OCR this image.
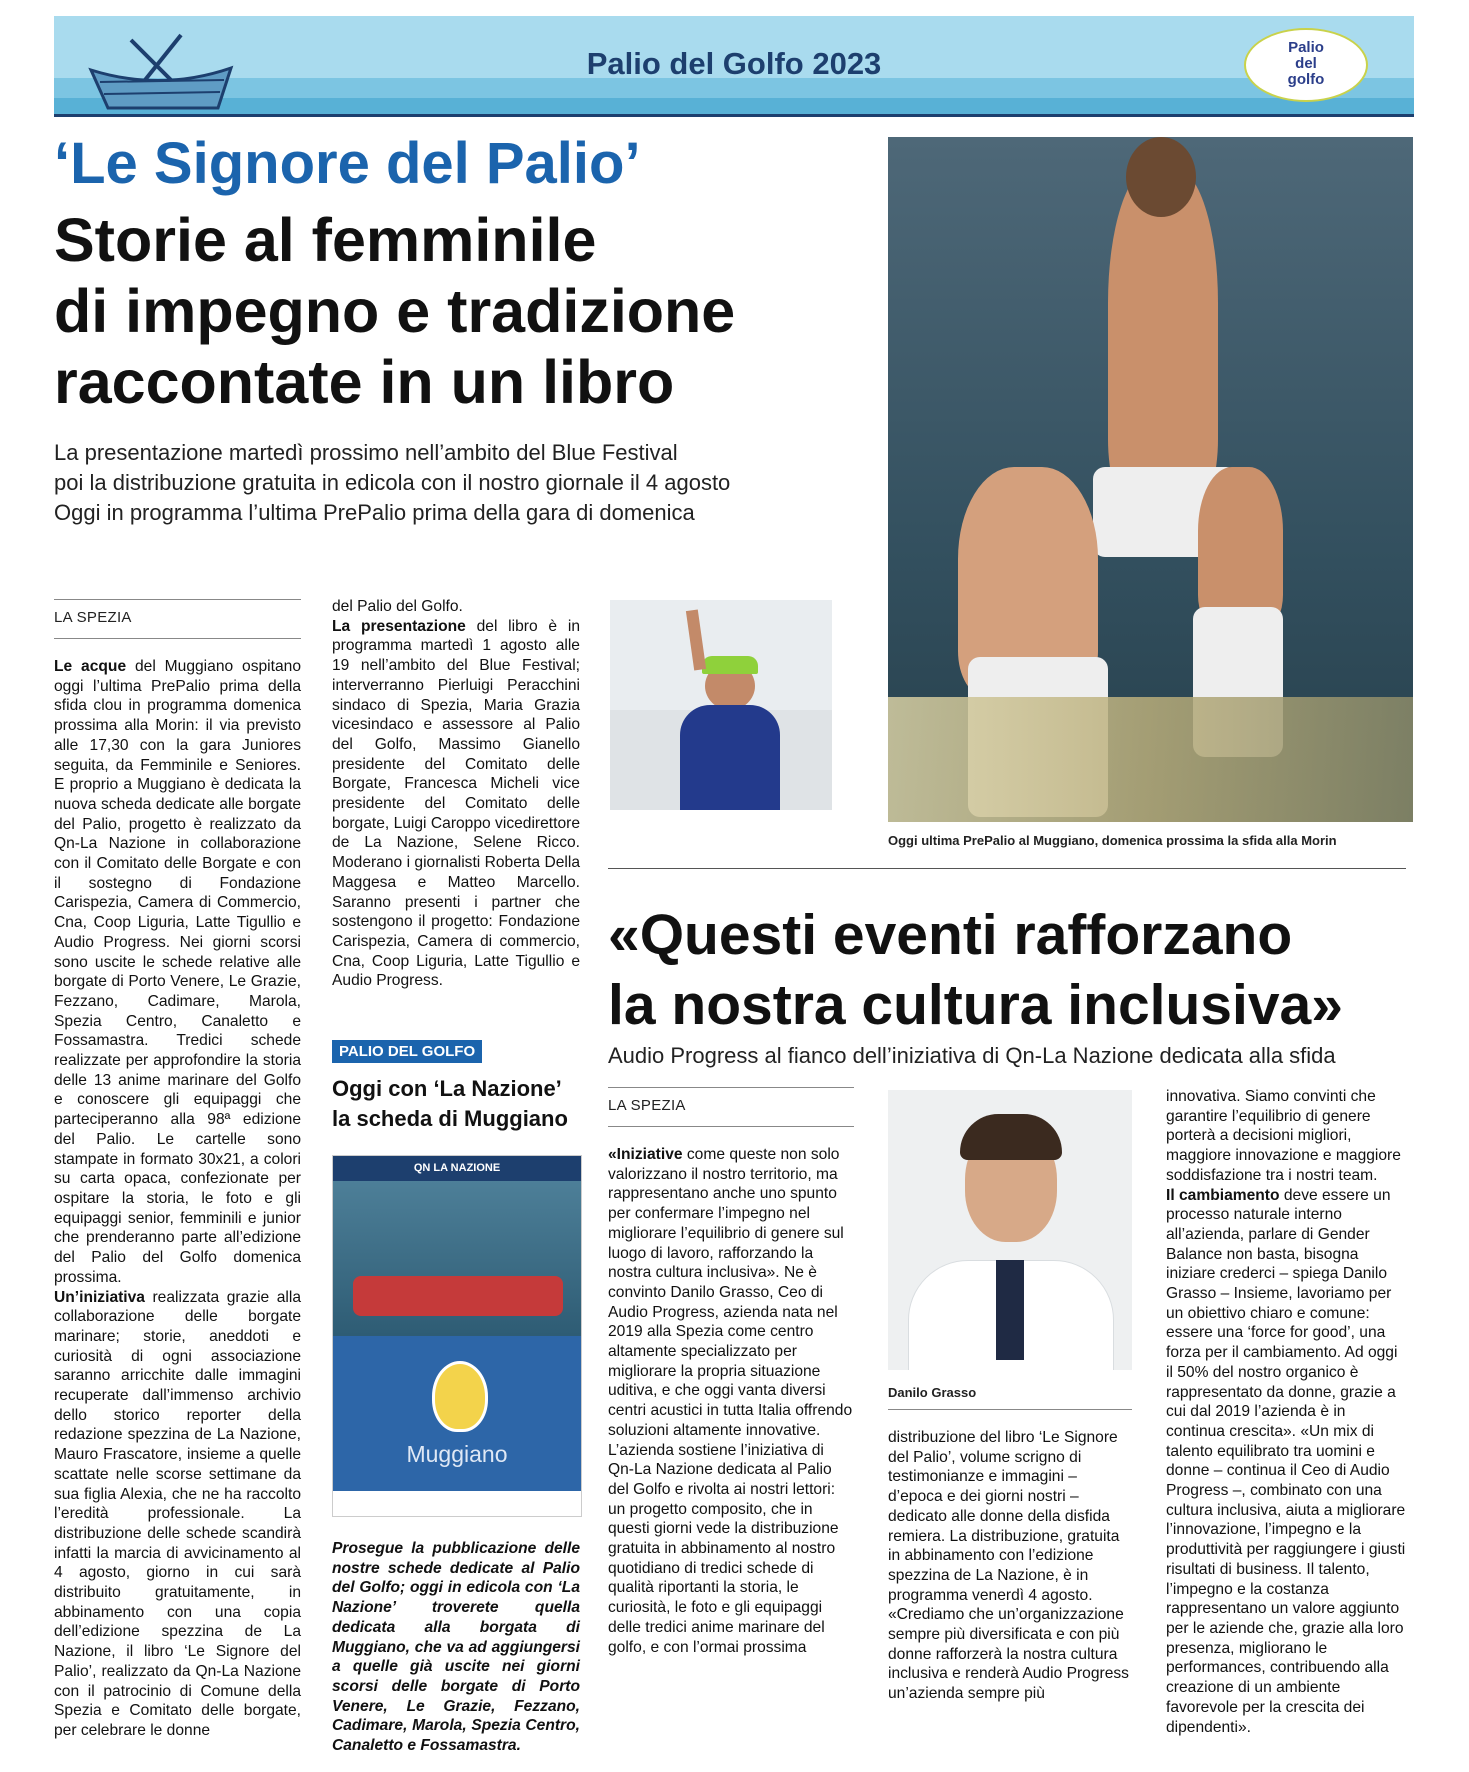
Palio del Golfo 2023	Palio
del
golfo
‘Le Signore del Palio’
Storie al femminile
di impegno e tradizione
raccontate in un libro
La presentazione martedì prossimo nell’ambito del Blue Festival
poi la distribuzione gratuita in edicola con il nostro giornale il 4 agosto
Oggi in programma l’ultima PrePalio prima della gara di domenica
Oggi ultima PrePalio al Muggiano, domenica prossima la sfida alla Morin
LA SPEZIA
Le acque del Muggiano ospitano oggi l’ultima PrePalio prima della sfida clou in programma domenica prossima alla Morin: il via previsto alle 17,30 con la gara Juniores seguita, da Femminile e Seniores. E proprio a Muggiano è dedicata la nuova scheda dedicate alle borgate del Palio, progetto è realizzato da Qn-La Nazione in collaborazione con il Comitato delle Borgate e con il sostegno di Fondazione Carispezia, Camera di Commercio, Cna, Coop Liguria, Latte Tigullio e Audio Progress. Nei giorni scorsi sono uscite le schede relative alle borgate di Porto Venere, Le Grazie, Fezzano, Cadimare, Marola, Spezia Centro, Canaletto e Fossamastra. Tredici schede realizzate per approfondire la storia delle 13 anime marinare del Golfo e conoscere gli equipaggi che parteciperanno alla 98ª edizione del Palio. Le cartelle sono stampate in formato 30x21, a colori su carta opaca, confezionate per ospitare la storia, le foto e gli equipaggi senior, femminili e junior che prenderanno parte all’edizione del Palio del Golfo domenica prossima.
Un’iniziativa realizzata grazie alla collaborazione delle borgate marinare; storie, aneddoti e curiosità di ogni associazione saranno arricchite dalle immagini recuperate dall’immenso archivio dello storico reporter della redazione spezzina de La Nazione, Mauro Frascatore, insieme a quelle scattate nelle scorse settimane da sua figlia Alexia, che ne ha raccolto l’eredità professionale. La distribuzione delle schede scandirà infatti la marcia di avvicinamento al 4 agosto, giorno in cui sarà distribuito gratuitamente, in abbinamento con una copia dell’edizione spezzina de La Nazione, il libro ‘Le Signore del Palio’, realizzato da Qn-La Nazione con il patrocinio di Comune della Spezia e Comitato delle borgate, per celebrare le donne
del Palio del Golfo.
La presentazione del libro è in programma martedì 1 agosto alle 19 nell’ambito del Blue Festival; interverranno Pierluigi Peracchini sindaco di Spezia, Maria Grazia vicesindaco e assessore al Palio del Golfo, Massimo Gianello presidente del Comitato delle Borgate, Francesca Micheli vice presidente del Comitato delle borgate, Luigi Caroppo vicedirettore de La Nazione, Selene Ricco. Moderano i giornalisti Roberta Della Maggesa e Matteo Marcello. Saranno presenti i partner che sostengono il progetto: Fondazione Carispezia, Camera di commercio, Cna, Coop Liguria, Latte Tigullio e Audio Progress.
PALIO DEL GOLFO
Oggi con ‘La Nazione’
la scheda di Muggiano
QN LA NAZIONE
Muggiano
Prosegue la pubblicazione delle nostre schede dedicate al Palio del Golfo; oggi in edicola con ‘La Nazione’ troverete quella dedicata alla borgata di Muggiano, che va ad aggiungersi a quelle già uscite nei giorni scorsi delle borgate di Porto Venere, Le Grazie, Fezzano, Cadimare, Marola, Spezia Centro, Canaletto e Fossamastra.
«Questi eventi rafforzano
la nostra cultura inclusiva»
Audio Progress al fianco dell’iniziativa di Qn-La Nazione dedicata alla sfida
LA SPEZIA
«Iniziative come queste non solo valorizzano il nostro territorio, ma rappresentano anche uno spunto per confermare l’impegno nel migliorare l’equilibrio di genere sul luogo di lavoro, rafforzando la nostra cultura inclusiva». Ne è convinto Danilo Grasso, Ceo di Audio Progress, azienda nata nel 2019 alla Spezia come centro altamente specializzato per migliorare la propria situazione uditiva, e che oggi vanta diversi centri acustici in tutta Italia offrendo soluzioni altamente innovative. L’azienda sostiene l’iniziativa di Qn-La Nazione dedicata al Palio del Golfo e rivolta ai nostri lettori: un progetto composito, che in questi giorni vede la distribuzione gratuita in abbinamento al nostro quotidiano di tredici schede di qualità riportanti la storia, le curiosità, le foto e gli equipaggi delle tredici anime marinare del golfo, e con l’ormai prossima
Danilo Grasso
distribuzione del libro ‘Le Signore del Palio’, volume scrigno di testimonianze e immagini – d’epoca e dei giorni nostri – dedicato alle donne della disfida remiera. La distribuzione, gratuita in abbinamento con l’edizione spezzina de La Nazione, è in programma venerdì 4 agosto. «Crediamo che un’organizzazione sempre più diversificata e con più donne rafforzerà la nostra cultura inclusiva e renderà Audio Progress un’azienda sempre più
innovativa. Siamo convinti che garantire l’equilibrio di genere porterà a decisioni migliori, maggiore innovazione e maggiore soddisfazione tra i nostri team.
Il cambiamento deve essere un processo naturale interno all’azienda, parlare di Gender Balance non basta, bisogna iniziare crederci – spiega Danilo Grasso – Insieme, lavoriamo per un obiettivo chiaro e comune: essere una ‘force for good’, una forza per il cambiamento. Ad oggi il 50% del nostro organico è rappresentato da donne, grazie a cui dal 2019 l’azienda è in continua crescita». «Un mix di talento equilibrato tra uomini e donne – continua il Ceo di Audio Progress –, combinato con una cultura inclusiva, aiuta a migliorare l’innovazione, l’impegno e la produttività per raggiungere i giusti risultati di business. Il talento, l’impegno e la costanza rappresentano un valore aggiunto per le aziende che, grazie alla loro presenza, migliorano le performances, contribuendo alla creazione di un ambiente favorevole per la crescita dei dipendenti».
